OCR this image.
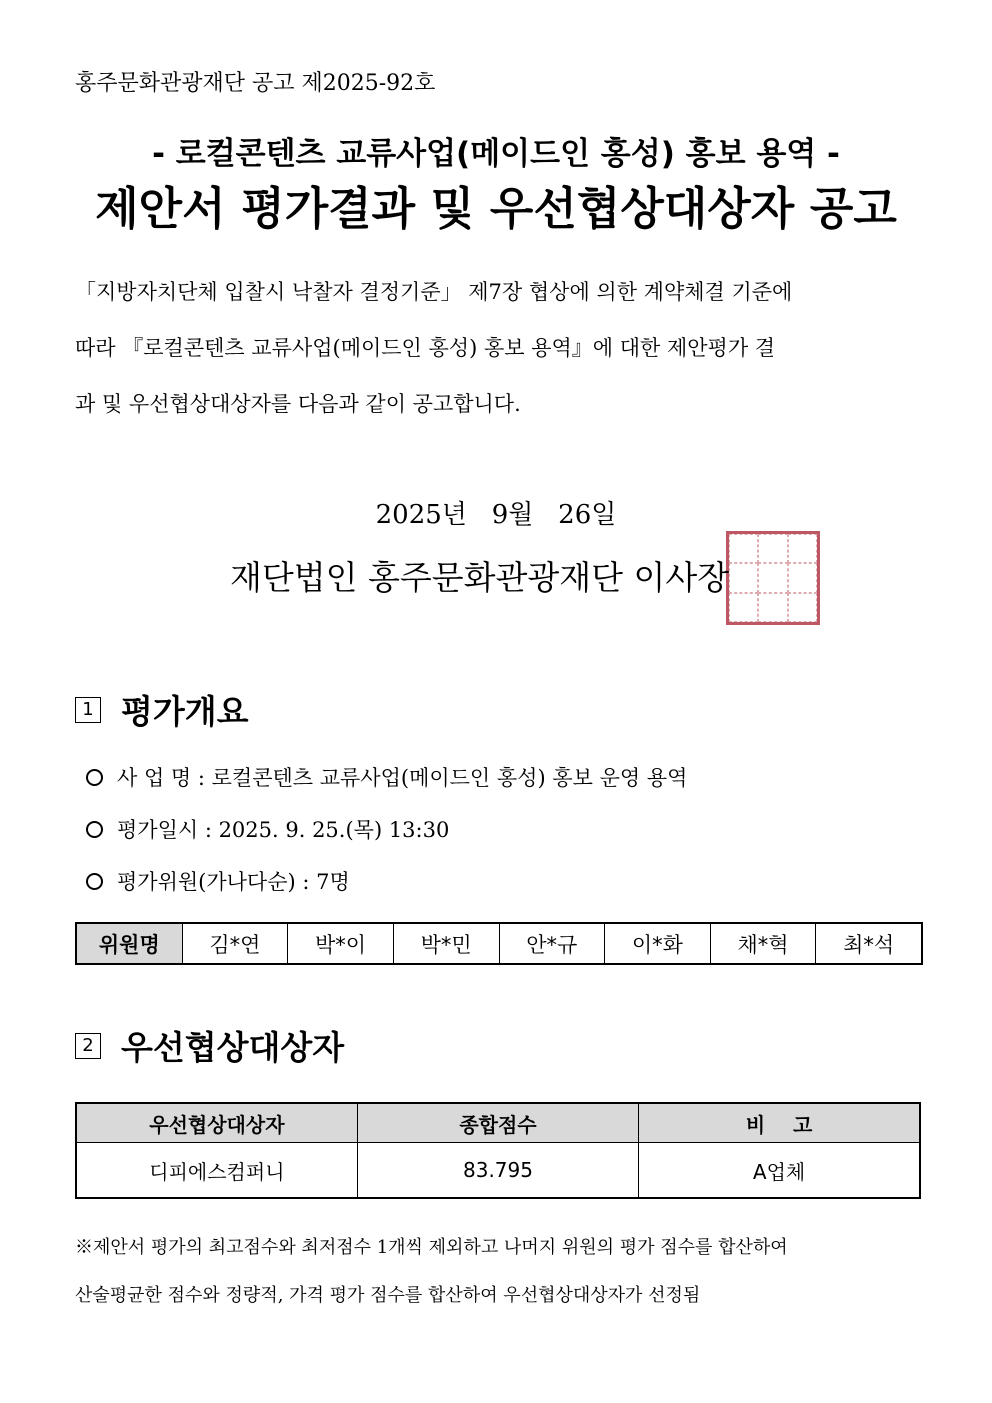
홍주문화관광재단 공고 제2025-92호
- 로컬콘텐츠 교류사업(메이드인 홍성) 홍보 용역 -
제안서 평가결과 및 우선협상대상자 공고
「지방자치단체 입찰시 낙찰자 결정기준」 제7장 협상에 의한 계약체결 기준에
따라 『로컬콘텐츠 교류사업(메이드인 홍성) 홍보 용역』에 대한 제안평가 결
과 및 우선협상대상자를 다음과 같이 공고합니다.
2025년   9월   26일
재단법인 홍주문화관광재단 이사장
1 평가개요
사 업 명 : 로컬콘텐츠 교류사업(메이드인 홍성) 홍보 운영 용역
평가일시 : 2025. 9. 25.(목) 13:30
평가위원(가나다순) : 7명
위원명	김*연	박*이	박*민	안*규	이*화	채*혁	최*석
2 우선협상대상자
우선협상대상자	종합점수	비    고
디피에스컴퍼니	83.795	A업체
※제안서 평가의 최고점수와 최저점수 1개씩 제외하고 나머지 위원의 평가 점수를 합산하여
산술평균한 점수와 정량적, 가격 평가 점수를 합산하여 우선협상대상자가 선정됨
